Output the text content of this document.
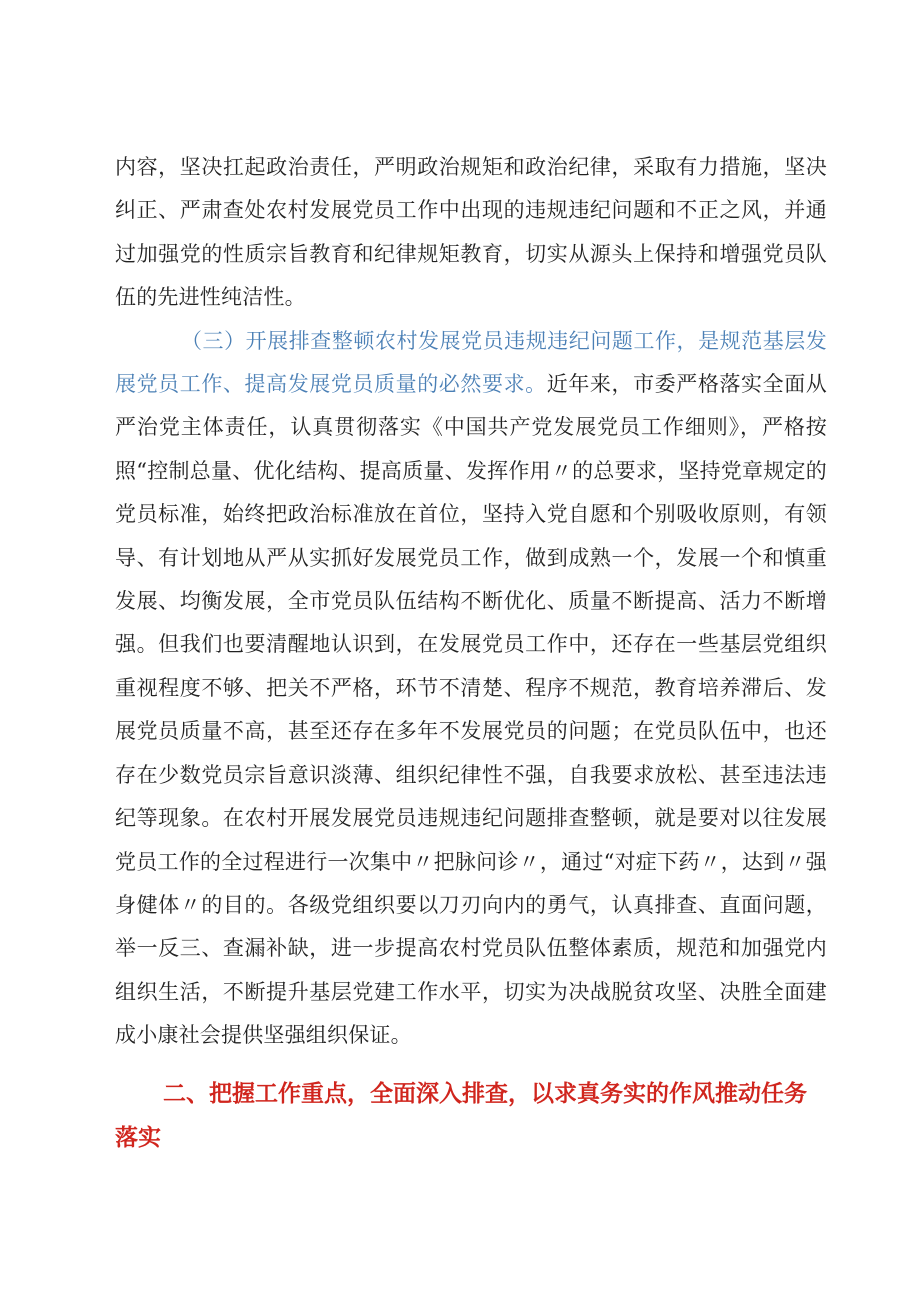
内容，坚决扛起政治责任，严明政治规矩和政治纪律，采取有力措施，坚决纠正、严肃查处农村发展党员工作中出现的违规违纪问题和不正之风，并通过加强党的性质宗旨教育和纪律规矩教育，切实从源头上保持和增强党员队伍的先进性纯洁性。

（三）开展排查整顿农村发展党员违规违纪问题工作，是规范基层发展党员工作、提高发展党员质量的必然要求。近年来，市委严格落实全面从严治党主体责任，认真贯彻落实《中国共产党发展党员工作细则》，严格按照“控制总量、优化结构、提高质量、发挥作用〃的总要求，坚持党章规定的党员标准，始终把政治标准放在首位，坚持入党自愿和个别吸收原则，有领导、有计划地从严从实抓好发展党员工作，做到成熟一个，发展一个和慎重发展、均衡发展，全市党员队伍结构不断优化、质量不断提高、活力不断增强。但我们也要清醒地认识到，在发展党员工作中，还存在一些基层党组织重视程度不够、把关不严格，环节不清楚、程序不规范，教育培养滞后、发展党员质量不高，甚至还存在多年不发展党员的问题；在党员队伍中，也还存在少数党员宗旨意识淡薄、组织纪律性不强，自我要求放松、甚至违法违纪等现象。在农村开展发展党员违规违纪问题排查整顿，就是要对以往发展党员工作的全过程进行一次集中〃把脉问诊〃，通过“对症下药〃，达到〃强身健体〃的目的。各级党组织要以刀刃向内的勇气，认真排查、直面问题，举一反三、查漏补缺，进一步提高农村党员队伍整体素质，规范和加强党内组织生活，不断提升基层党建工作水平，切实为决战脱贫攻坚、决胜全面建成小康社会提供坚强组织保证。

二、把握工作重点，全面深入排查，以求真务实的作风推动任务落实
